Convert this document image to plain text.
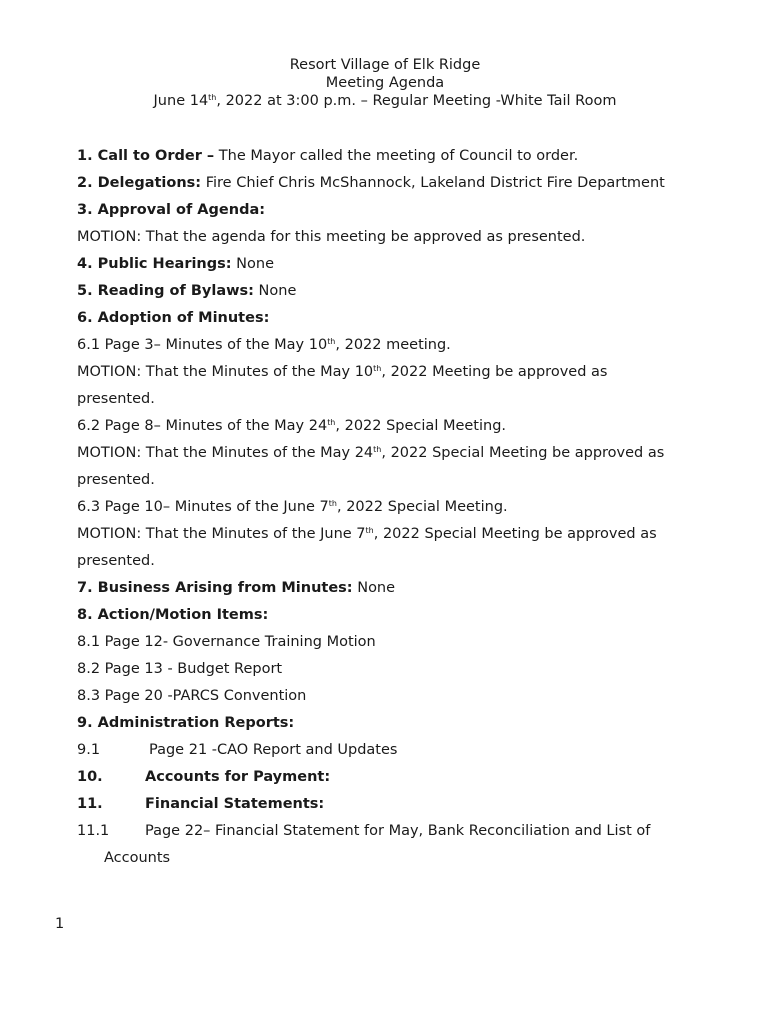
Resort Village of Elk Ridge
Meeting Agenda
June 14th, 2022 at 3:00 p.m. – Regular Meeting -White Tail Room
1. Call to Order – The Mayor called the meeting of Council to order.
2. Delegations: Fire Chief Chris McShannock, Lakeland District Fire Department
3. Approval of Agenda:
MOTION: That the agenda for this meeting be approved as presented.
4. Public Hearings: None
5. Reading of Bylaws: None
6. Adoption of Minutes:
6.1 Page 3– Minutes of the May 10th, 2022 meeting.
MOTION: That the Minutes of the May 10th, 2022 Meeting be approved as
presented.
6.2 Page 8– Minutes of the May 24th, 2022 Special Meeting.
MOTION: That the Minutes of the May 24th, 2022 Special Meeting be approved as
presented.
6.3 Page 10– Minutes of the June 7th, 2022 Special Meeting.
MOTION: That the Minutes of the June 7th, 2022 Special Meeting be approved as
presented.
7. Business Arising from Minutes: None
8. Action/Motion Items:
8.1 Page 12- Governance Training Motion
8.2 Page 13 - Budget Report
8.3 Page 20 -PARCS Convention
9. Administration Reports:
9.1	Page 21 -CAO Report and Updates
10.	Accounts for Payment:
11.	Financial Statements:
11.1 Page 22– Financial Statement for May, Bank Reconciliation and List of
Accounts
1
